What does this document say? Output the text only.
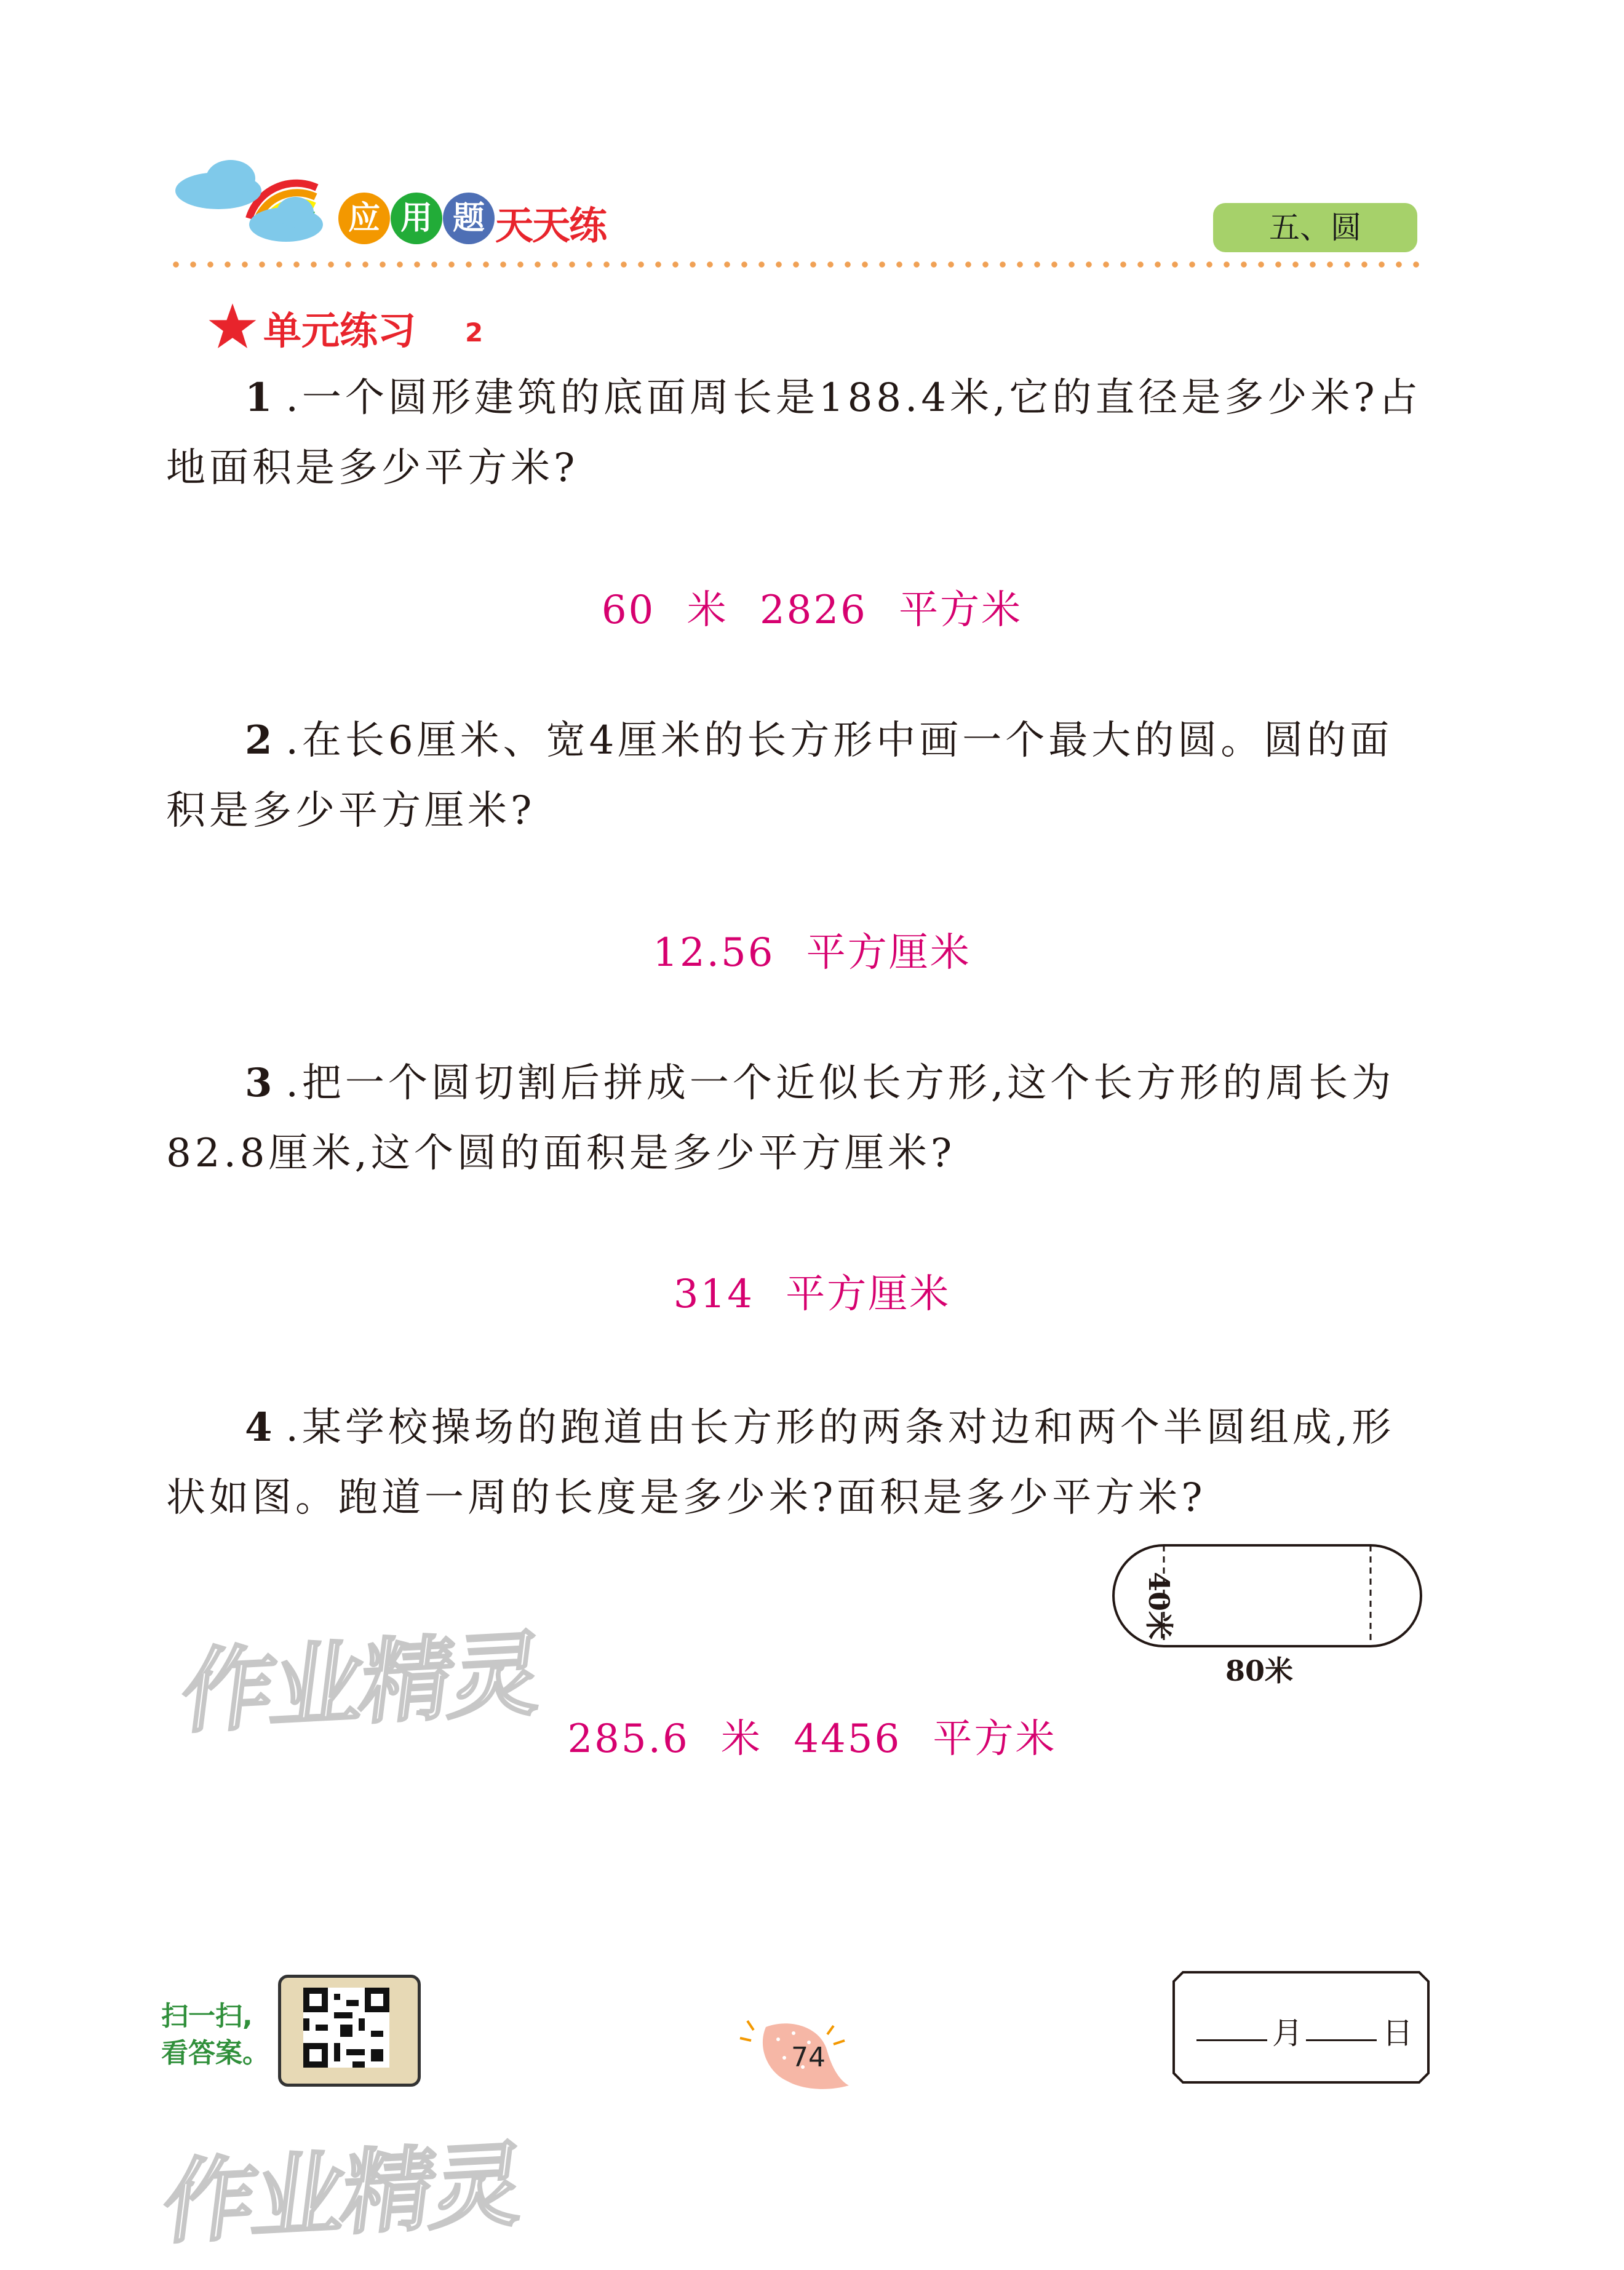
应 用 题 天天练	五、圆
单元练习 2
1 .一个圆形建筑的底面周长是188.4米,它的直径是多少米?占地面积是多少平方米?
60 米 2826 平方米
2 .在长6厘米、宽4厘米的长方形中画一个最大的圆。圆的面积是多少平方厘米?
12.56 平方厘米
3 .把一个圆切割后拼成一个近似长方形,这个长方形的周长为82.8厘米,这个圆的面积是多少平方厘米?
314 平方厘米
4 .某学校操场的跑道由长方形的两条对边和两个半圆组成,形状如图。跑道一周的长度是多少米?面积是多少平方米?
40米
80米
285.6 米 4456 平方米
作业精灵
作业精灵
扫一扫,
看答案。	74
月	日
